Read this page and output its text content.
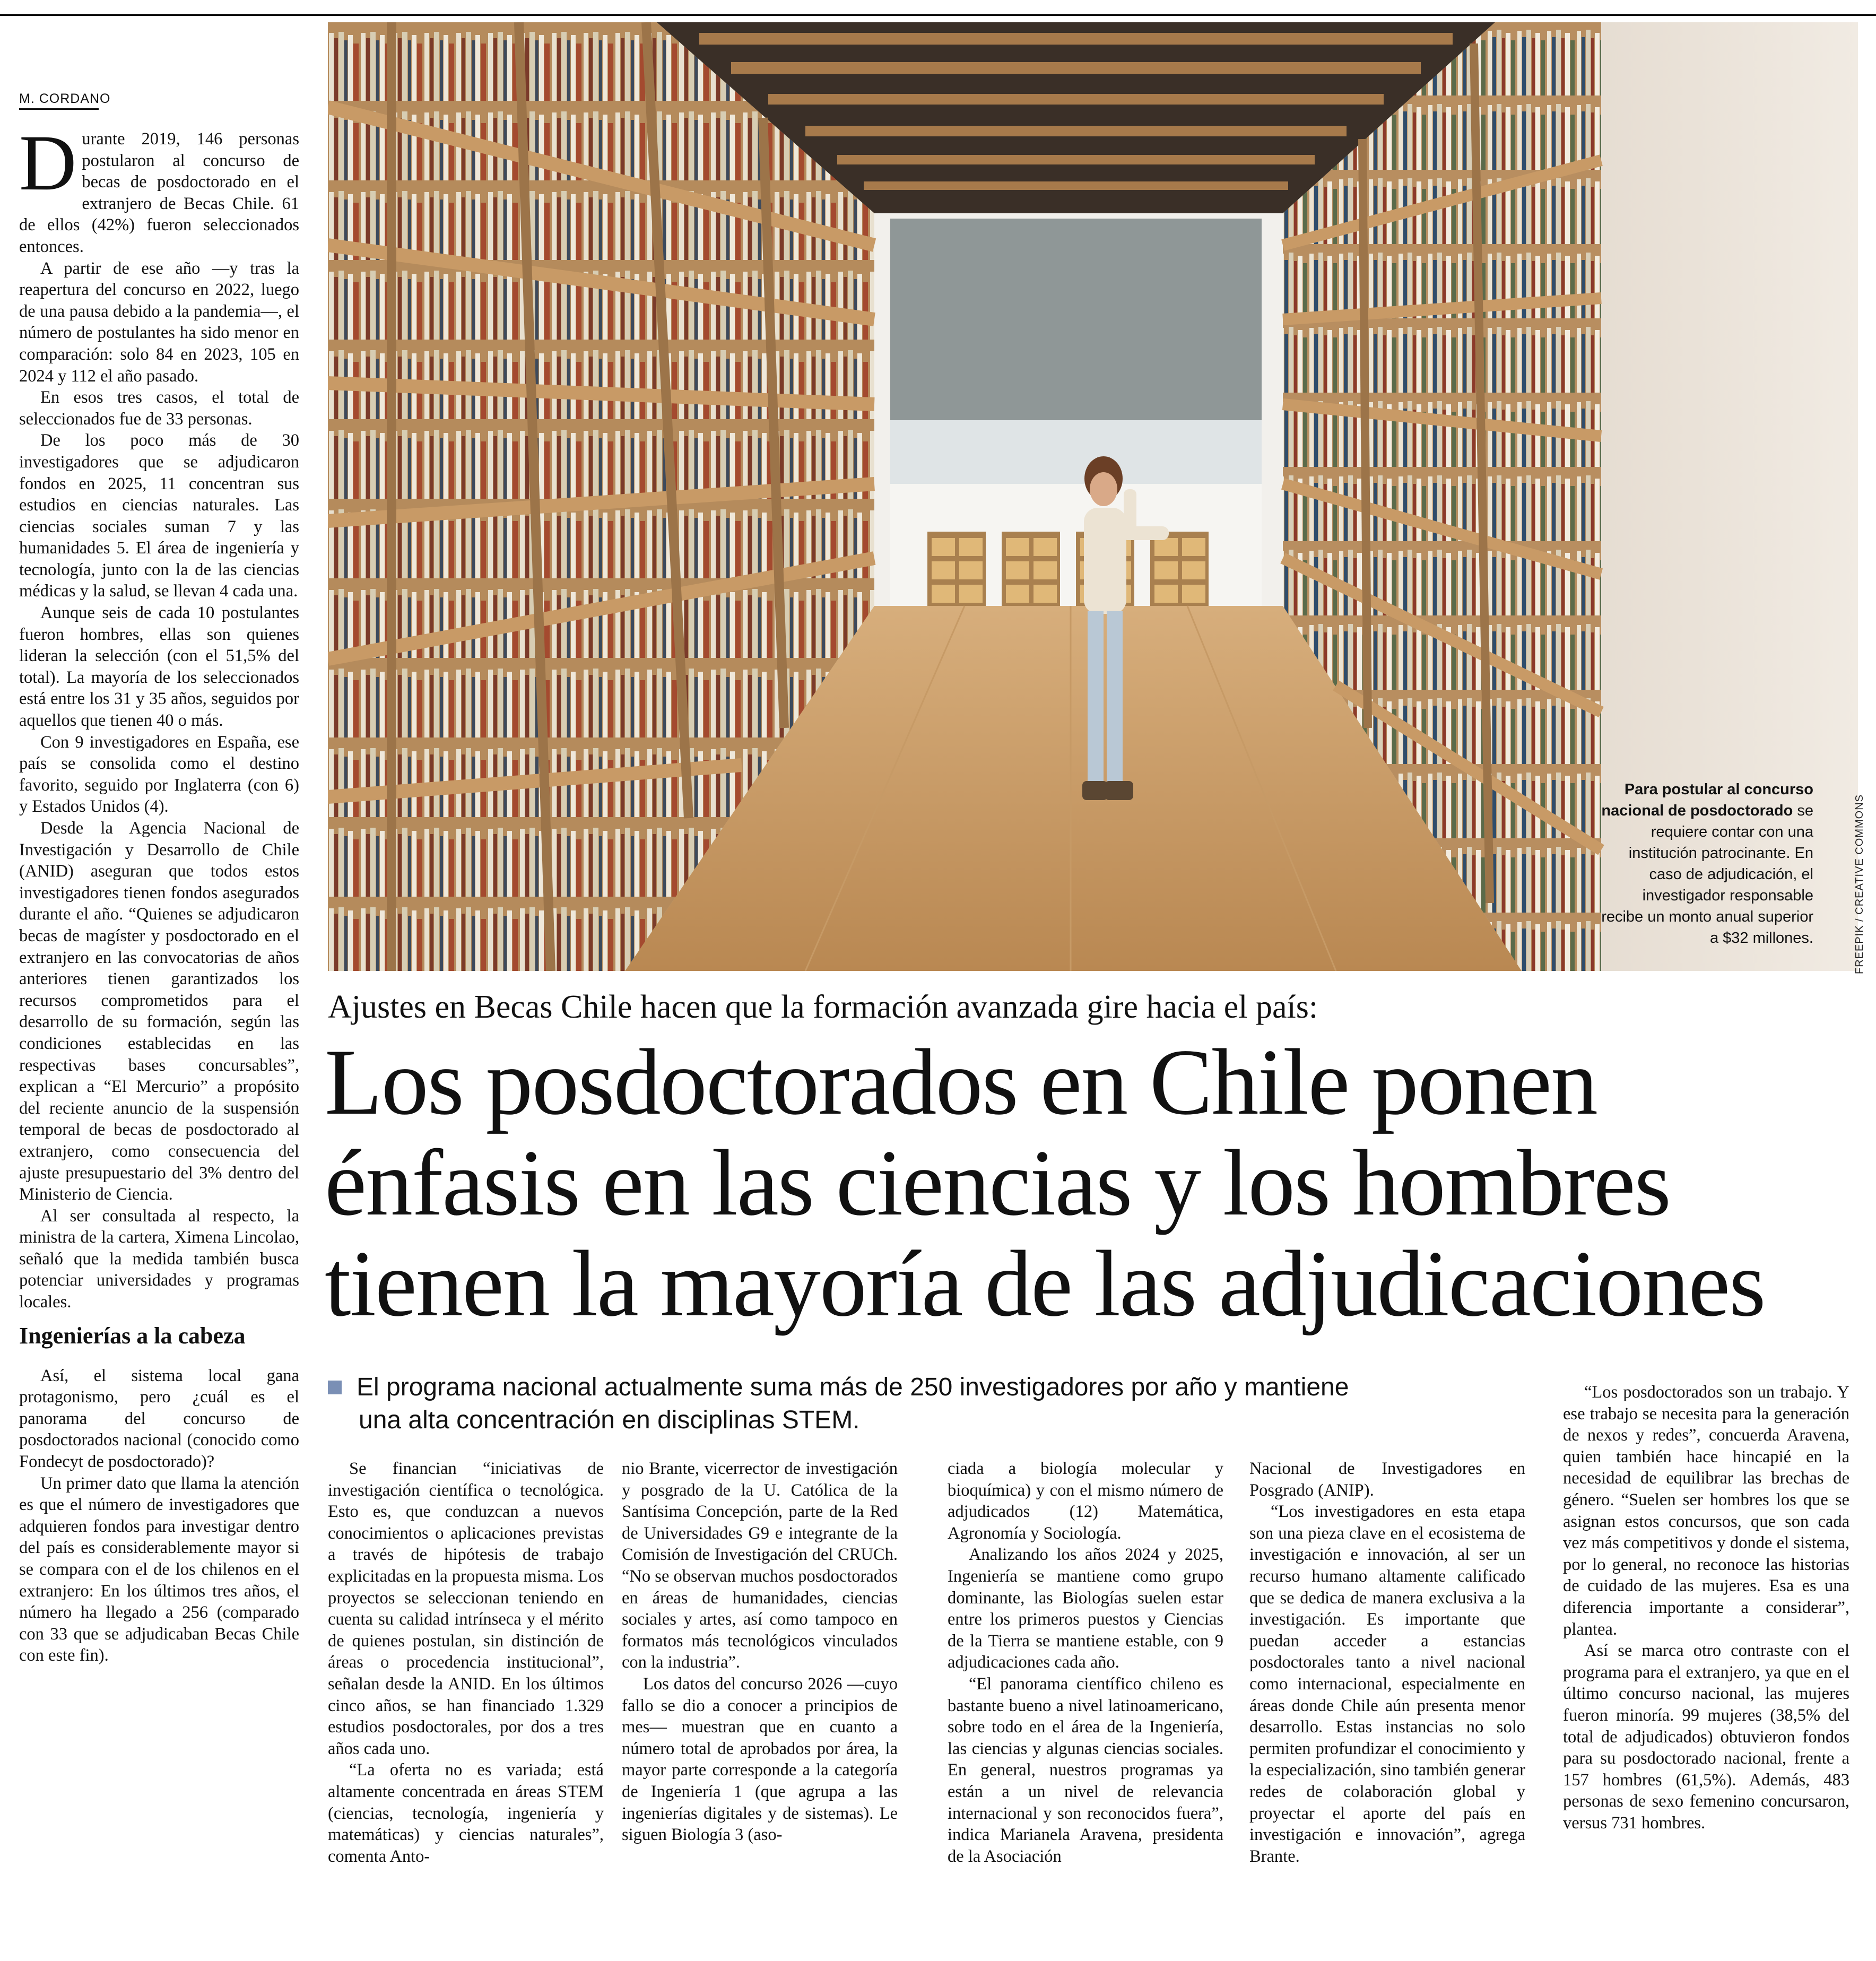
M. CORDANO

Durante 2019, 146 personas postularon al concurso de becas de posdoctorado en el extranjero de Becas Chile. 61 de ellos (42%) fueron seleccionados entonces.

A partir de ese año —y tras la reapertura del concurso en 2022, luego de una pausa debido a la pandemia—, el número de postulantes ha sido menor en comparación: solo 84 en 2023, 105 en 2024 y 112 el año pasado.

En esos tres casos, el total de seleccionados fue de 33 personas.

De los poco más de 30 investigadores que se adjudicaron fondos en 2025, 11 concentran sus estudios en ciencias naturales. Las ciencias sociales suman 7 y las humanidades 5. El área de ingeniería y tecnología, junto con la de las ciencias médicas y la salud, se llevan 4 cada una.

Aunque seis de cada 10 postulantes fueron hombres, ellas son quienes lideran la selección (con el 51,5% del total). La mayoría de los seleccionados está entre los 31 y 35 años, seguidos por aquellos que tienen 40 o más.

Con 9 investigadores en España, ese país se consolida como el destino favorito, seguido por Inglaterra (con 6) y Estados Unidos (4).

Desde la Agencia Nacional de Investigación y Desarrollo de Chile (ANID) aseguran que todos estos investigadores tienen fondos asegurados durante el año. “Quienes se adjudicaron becas de magíster y posdoctorado en el extranjero en las convocatorias de años anteriores tienen garantizados los recursos comprometidos para el desarrollo de su formación, según las condiciones establecidas en las respectivas bases concursables”, explican a “El Mercurio” a propósito del reciente anuncio de la suspensión temporal de becas de posdoctorado al extranjero, como consecuencia del ajuste presupuestario del 3% dentro del Ministerio de Ciencia.

Al ser consultada al respecto, la ministra de la cartera, Ximena Lincolao, señaló que la medida también busca potenciar universidades y programas locales.

Ingenierías a la cabeza

Así, el sistema local gana protagonismo, pero ¿cuál es el panorama del concurso de posdoctorados nacional (conocido como Fondecyt de posdoctorado)?

Un primer dato que llama la atención es que el número de investigadores que adquieren fondos para investigar dentro del país es considerablemente mayor si se compara con el de los chilenos en el extranjero: En los últimos tres años, el número ha llegado a 256 (comparado con 33 que se adjudicaban Becas Chile con este fin).

Para postular al concurso nacional de posdoctorado se requiere contar con una institución patrocinante. En caso de adjudicación, el investigador responsable recibe un monto anual superior a $32 millones.	FREEPIK / CREATIVE COMMONS
Ajustes en Becas Chile hacen que la formación avanzada gire hacia el país:
Los posdoctorados en Chile ponen
énfasis en las ciencias y los hombres
tienen la mayoría de las adjudicaciones
El programa nacional actualmente suma más de 250 investigadores por año y mantiene
una alta concentración en disciplinas STEM.

Se financian “iniciativas de investigación científica o tecnológica. Esto es, que conduzcan a nuevos conocimientos o aplicaciones previstas a través de hipótesis de trabajo explicitadas en la propuesta misma. Los proyectos se seleccionan teniendo en cuenta su calidad intrínseca y el mérito de quienes postulan, sin distinción de áreas o procedencia institucional”, señalan desde la ANID. En los últimos cinco años, se han financiado 1.329 estudios posdoctorales, por dos a tres años cada uno.

“La oferta no es variada; está altamente concentrada en áreas STEM (ciencias, tecnología, ingeniería y matemáticas) y ciencias naturales”, comenta Anto-

nio Brante, vicerrector de investigación y posgrado de la U. Católica de la Santísima Concepción, parte de la Red de Universidades G9 e integrante de la Comisión de Investigación del CRUCh. “No se observan muchos posdoctorados en áreas de humanidades, ciencias sociales y artes, así como tampoco en formatos más tecnológicos vinculados con la industria”.

Los datos del concurso 2026 —cuyo fallo se dio a conocer a principios de mes— muestran que en cuanto a número total de aprobados por área, la mayor parte corresponde a la categoría de Ingeniería 1 (que agrupa a las ingenierías digitales y de sistemas). Le siguen Biología 3 (aso-

ciada a biología molecular y bioquímica) y con el mismo número de adjudicados (12) Matemática, Agronomía y Sociología.

Analizando los años 2024 y 2025, Ingeniería se mantiene como grupo dominante, las Biologías suelen estar entre los primeros puestos y Ciencias de la Tierra se mantiene estable, con 9 adjudicaciones cada año.

“El panorama científico chileno es bastante bueno a nivel latinoamericano, sobre todo en el área de la Ingeniería, las ciencias y algunas ciencias sociales. En general, nuestros programas ya están a un nivel de relevancia internacional y son reconocidos fuera”, indica Marianela Aravena, presidenta de la Asociación

Nacional de Investigadores en Posgrado (ANIP).

“Los investigadores en esta etapa son una pieza clave en el ecosistema de investigación e innovación, al ser un recurso humano altamente calificado que se dedica de manera exclusiva a la investigación. Es importante que puedan acceder a estancias posdoctorales tanto a nivel nacional como internacional, especialmente en áreas donde Chile aún presenta menor desarrollo. Estas instancias no solo permiten profundizar el conocimiento y la especialización, sino también generar redes de colaboración global y proyectar el aporte del país en investigación e innovación”, agrega Brante.

“Los posdoctorados son un trabajo. Y ese trabajo se necesita para la generación de nexos y redes”, concuerda Aravena, quien también hace hincapié en la necesidad de equilibrar las brechas de género. “Suelen ser hombres los que se asignan estos concursos, que son cada vez más competitivos y donde el sistema, por lo general, no reconoce las historias de cuidado de las mujeres. Esa es una diferencia importante a considerar”, plantea.

Así se marca otro contraste con el programa para el extranjero, ya que en el último concurso nacional, las mujeres fueron minoría. 99 mujeres (38,5% del total de adjudicados) obtuvieron fondos para su posdoctorado nacional, frente a 157 hombres (61,5%). Además, 483 personas de sexo femenino concursaron, versus 731 hombres.
